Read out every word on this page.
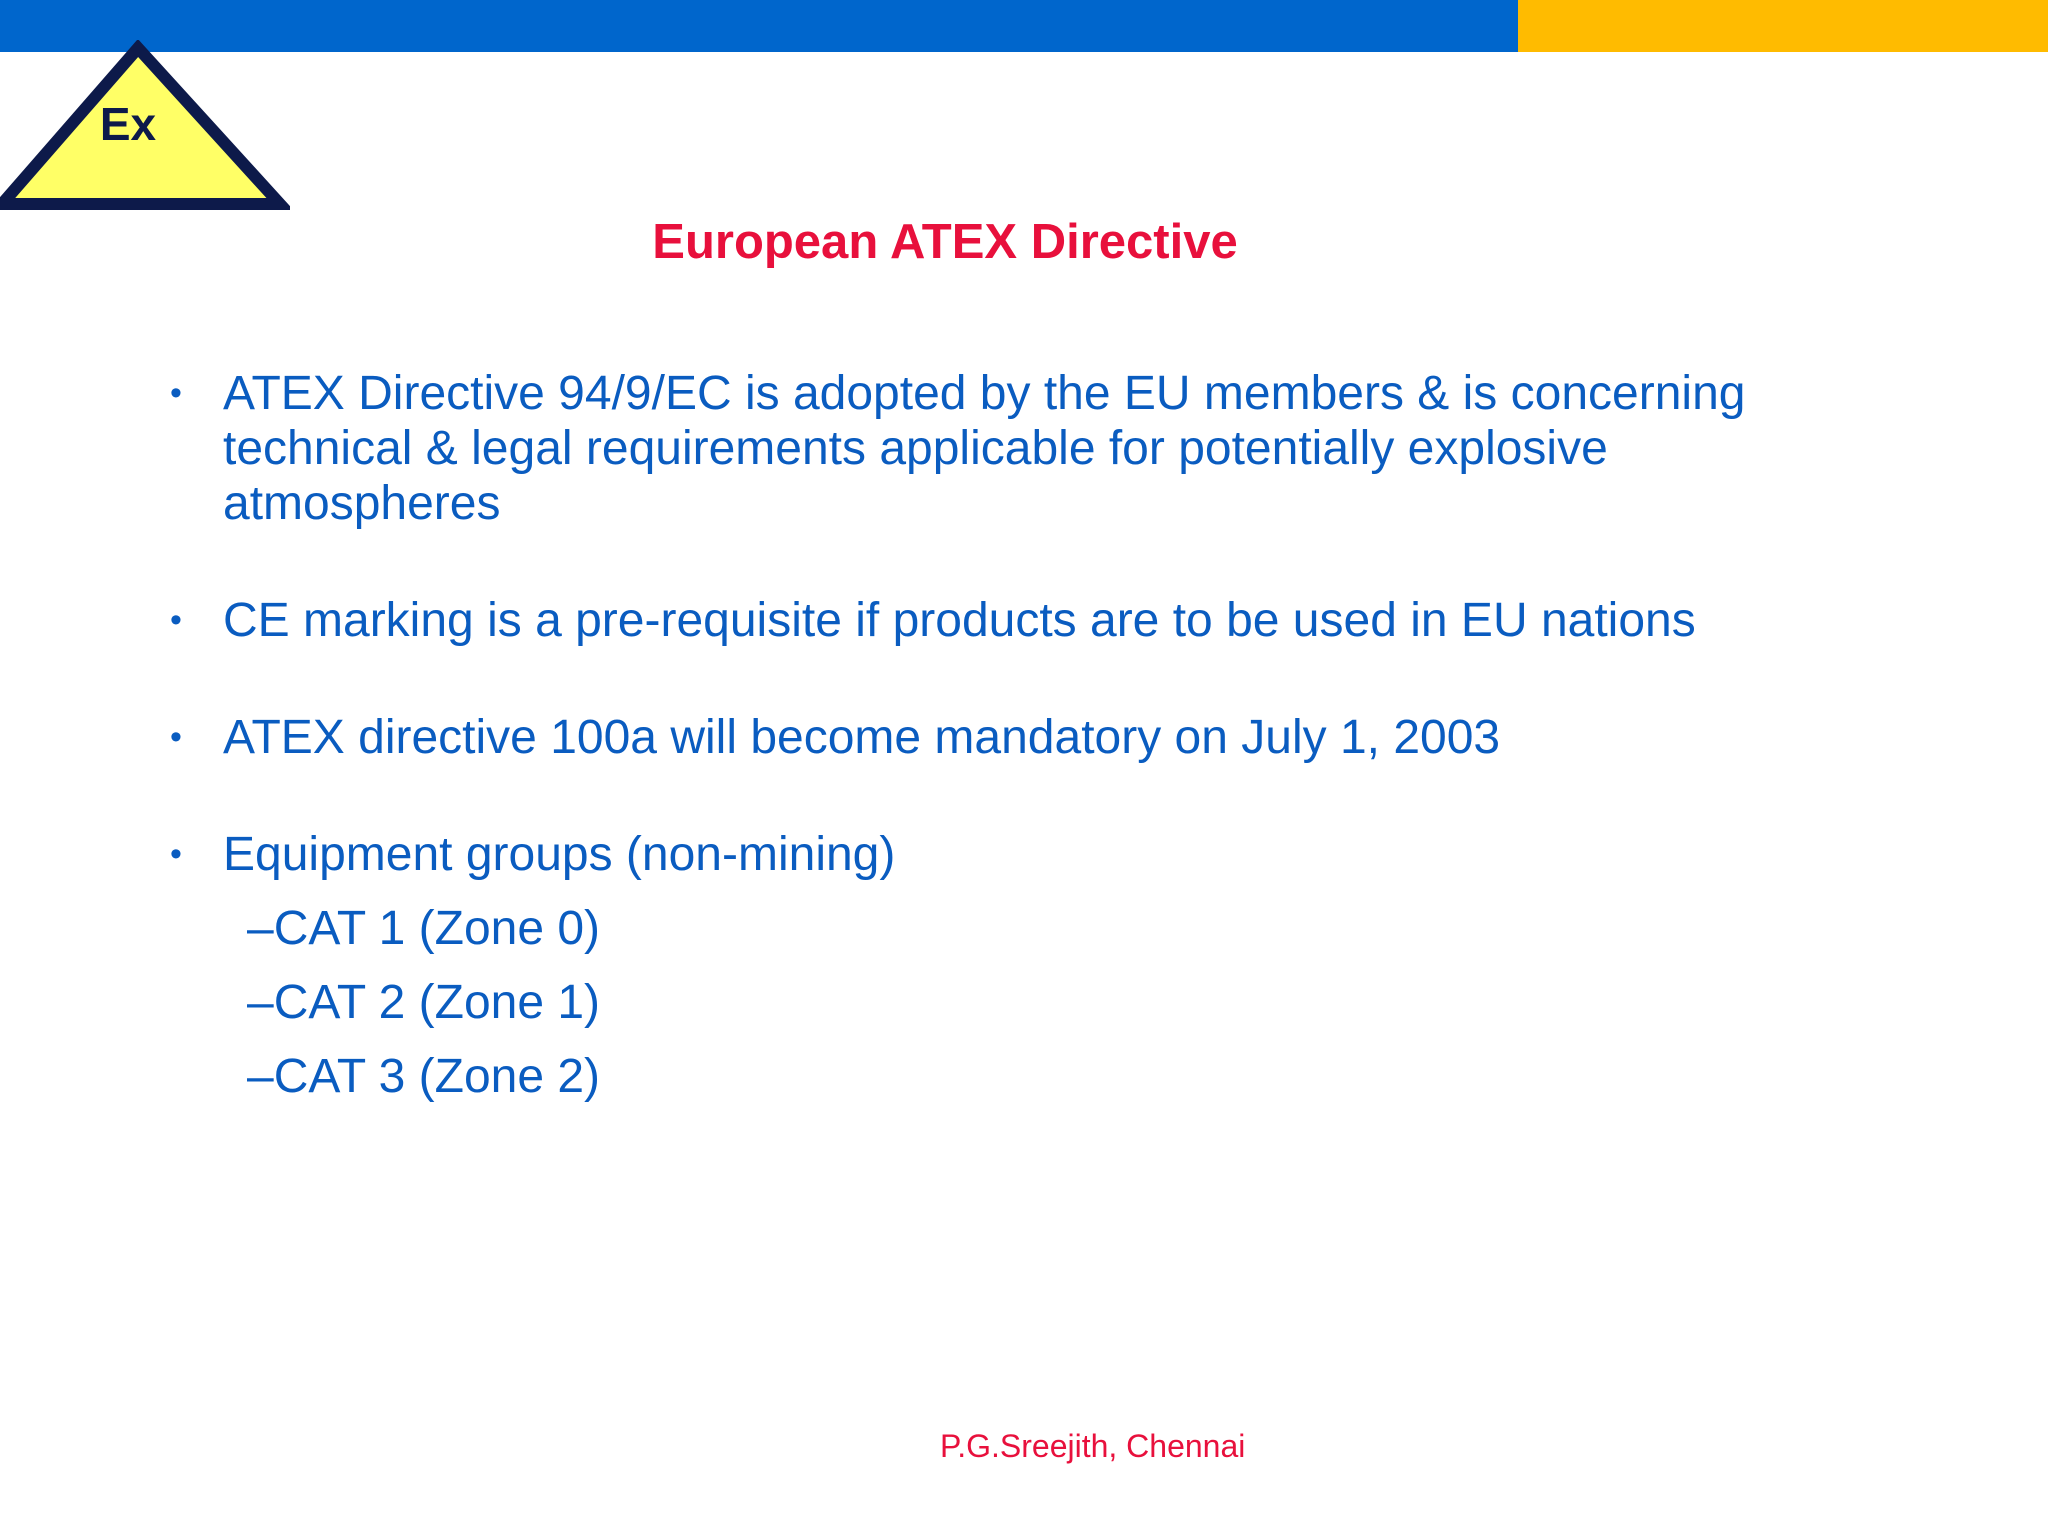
Ex
European ATEX Directive
• ATEX Directive 94/9/EC is adopted by the EU members & is concerning technical & legal requirements applicable for potentially explosive atmospheres
• CE marking is a pre-requisite if products are to be used in EU nations
• ATEX directive 100a will become mandatory on July 1, 2003
• Equipment groups (non-mining)
–CAT 1 (Zone 0)
–CAT 2 (Zone 1)
–CAT 3 (Zone 2)

P.G.Sreejith, Chennai
